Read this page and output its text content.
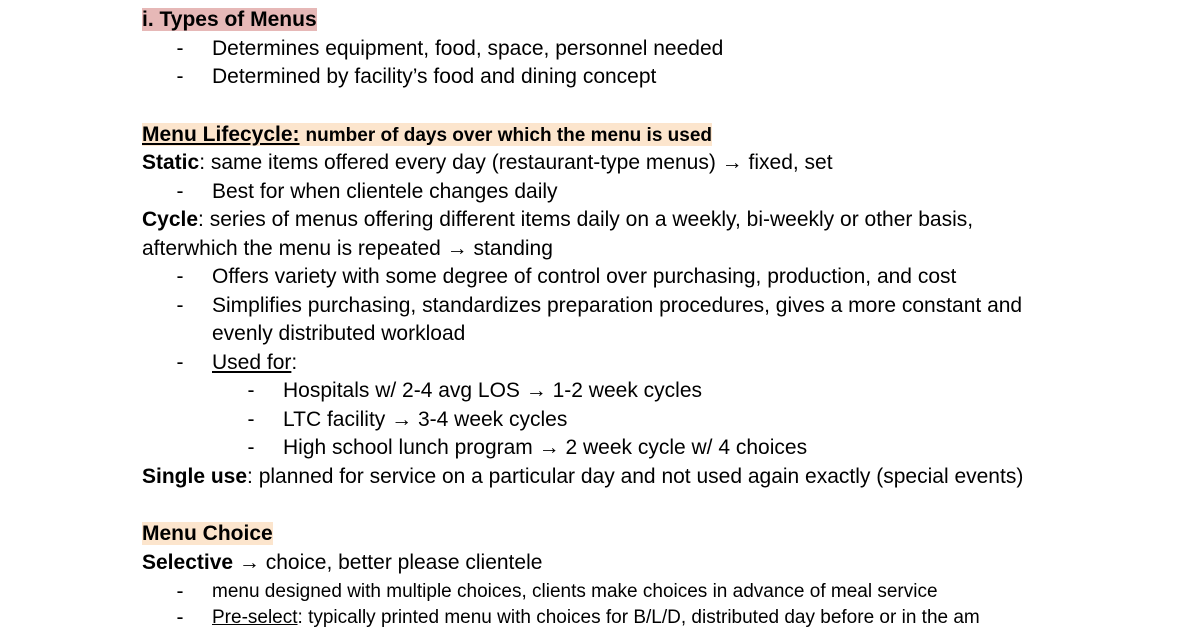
i. Types of Menus
- Determines equipment, food, space, personnel needed
- Determined by facility’s food and dining concept
Menu Lifecycle: number of days over which the menu is used
Static: same items offered every day (restaurant-type menus) → fixed, set
- Best for when clientele changes daily
Cycle: series of menus offering different items daily on a weekly, bi-weekly or other basis,
afterwhich the menu is repeated → standing
- Offers variety with some degree of control over purchasing, production, and cost
- Simplifies purchasing, standardizes preparation procedures, gives a more constant and
evenly distributed workload
- Used for:
- Hospitals w/ 2-4 avg LOS → 1-2 week cycles
- LTC facility → 3-4 week cycles
- High school lunch program → 2 week cycle w/ 4 choices
Single use: planned for service on a particular day and not used again exactly (special events)
Menu Choice
Selective → choice, better please clientele
- menu designed with multiple choices, clients make choices in advance of meal service
- Pre-select: typically printed menu with choices for B/L/D, distributed day before or in the am
